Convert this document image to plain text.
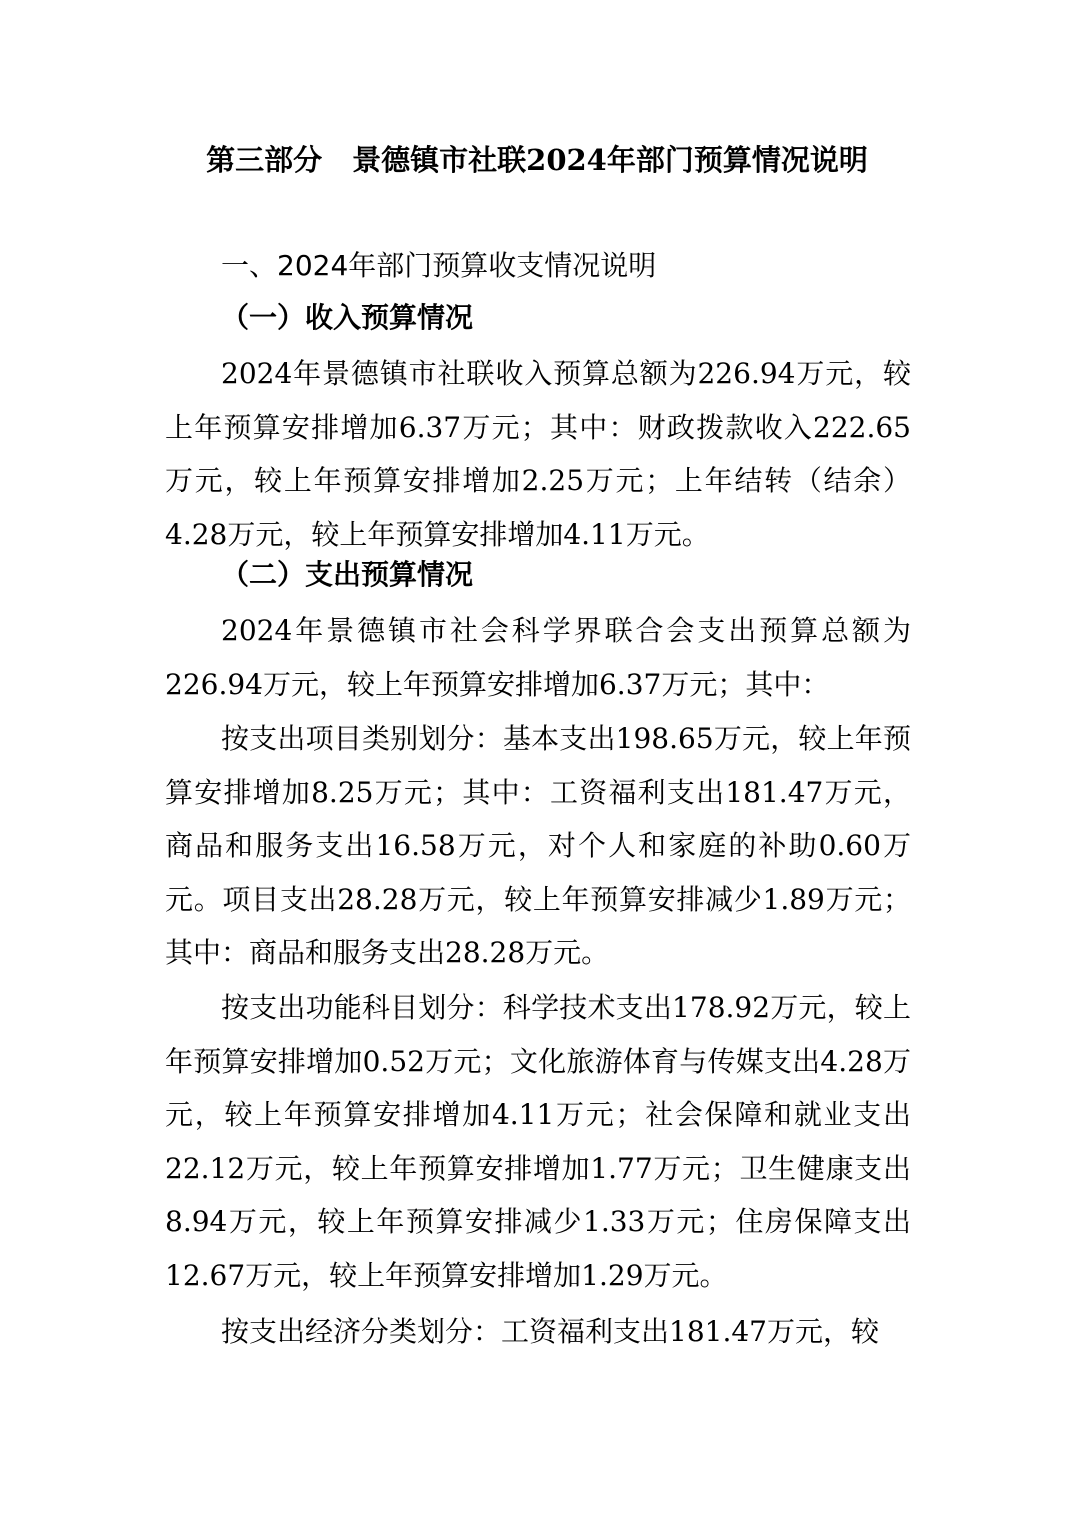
第三部分 景德镇市社联2024年部门预算情况说明
一、2024年部门预算收支情况说明
（一）收入预算情况

2024年景德镇市社联收入预算总额为226.94万元，较上年预算安排增加6.37万元；其中：财政拨款收入222.65万元，较上年预算安排增加2.25万元；上年结转（结余）4.28万元，较上年预算安排增加4.11万元。

（二）支出预算情况

2024年景德镇市社会科学界联合会支出预算总额为226.94万元，较上年预算安排增加6.37万元；其中：

按支出项目类别划分：基本支出198.65万元，较上年预算安排增加8.25万元；其中：工资福利支出181.47万元，商品和服务支出16.58万元，对个人和家庭的补助0.60万元。项目支出28.28万元，较上年预算安排减少1.89万元；其中：商品和服务支出28.28万元。

按支出功能科目划分：科学技术支出178.92万元，较上年预算安排增加0.52万元；文化旅游体育与传媒支出4.28万元，较上年预算安排增加4.11万元；社会保障和就业支出22.12万元，较上年预算安排增加1.77万元；卫生健康支出8.94万元，较上年预算安排减少1.33万元；住房保障支出12.67万元，较上年预算安排增加1.29万元。

按支出经济分类划分：工资福利支出181.47万元，较
